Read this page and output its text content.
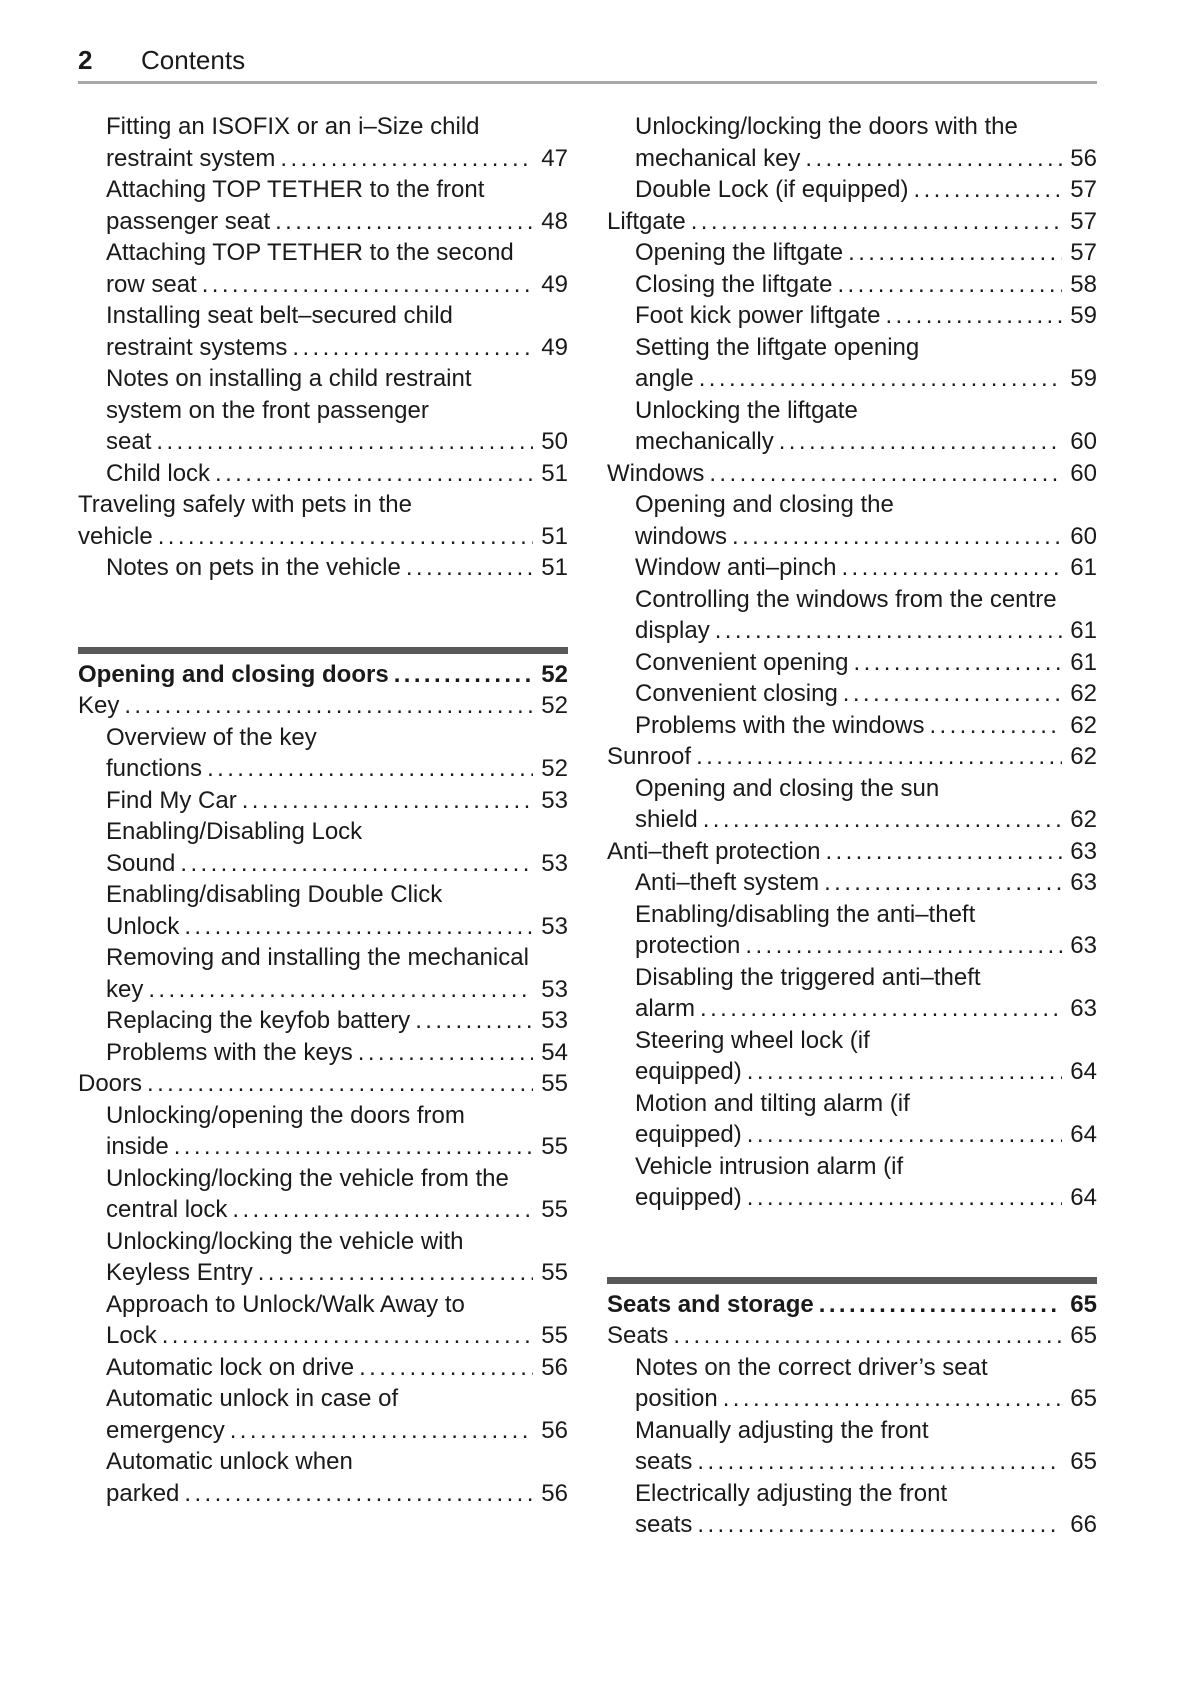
2	Contents
Fitting an ISOFIX or an i–Size child
restraint system .....	47
Attaching TOP TETHER to the front
passenger seat .....	48
Attaching TOP TETHER to the second
row seat .....	49
Installing seat belt–secured child
restraint systems .....	49
Notes on installing a child restraint
system on the front passenger
seat .....	50
Child lock .....	51
Traveling safely with pets in the
vehicle .....	51
Notes on pets in the vehicle .....	51
Opening and closing doors .....	52
Key .....	52
Overview of the key
functions .....	52
Find My Car .....	53
Enabling/Disabling Lock
Sound .....	53
Enabling/disabling Double Click
Unlock .....	53
Removing and installing the mechanical
key .....	53
Replacing the keyfob battery .....	53
Problems with the keys .....	54
Doors .....	55
Unlocking/opening the doors from
inside .....	55
Unlocking/locking the vehicle from the
central lock .....	55
Unlocking/locking the vehicle with
Keyless Entry .....	55
Approach to Unlock/Walk Away to
Lock .....	55
Automatic lock on drive .....	56
Automatic unlock in case of
emergency .....	56
Automatic unlock when
parked .....	56
Unlocking/locking the doors with the
mechanical key .....	56
Double Lock (if equipped) .....	57
Liftgate .....	57
Opening the liftgate .....	57
Closing the liftgate .....	58
Foot kick power liftgate .....	59
Setting the liftgate opening
angle .....	59
Unlocking the liftgate
mechanically .....	60
Windows .....	60
Opening and closing the
windows .....	60
Window anti–pinch .....	61
Controlling the windows from the centre
display .....	61
Convenient opening .....	61
Convenient closing .....	62
Problems with the windows .....	62
Sunroof .....	62
Opening and closing the sun
shield .....	62
Anti–theft protection .....	63
Anti–theft system .....	63
Enabling/disabling the anti–theft
protection .....	63
Disabling the triggered anti–theft
alarm .....	63
Steering wheel lock (if
equipped) .....	64
Motion and tilting alarm (if
equipped) .....	64
Vehicle intrusion alarm (if
equipped) .....	64
Seats and storage .....	65
Seats .....	65
Notes on the correct driver’s seat
position .....	65
Manually adjusting the front
seats .....	65
Electrically adjusting the front
seats .....	66
